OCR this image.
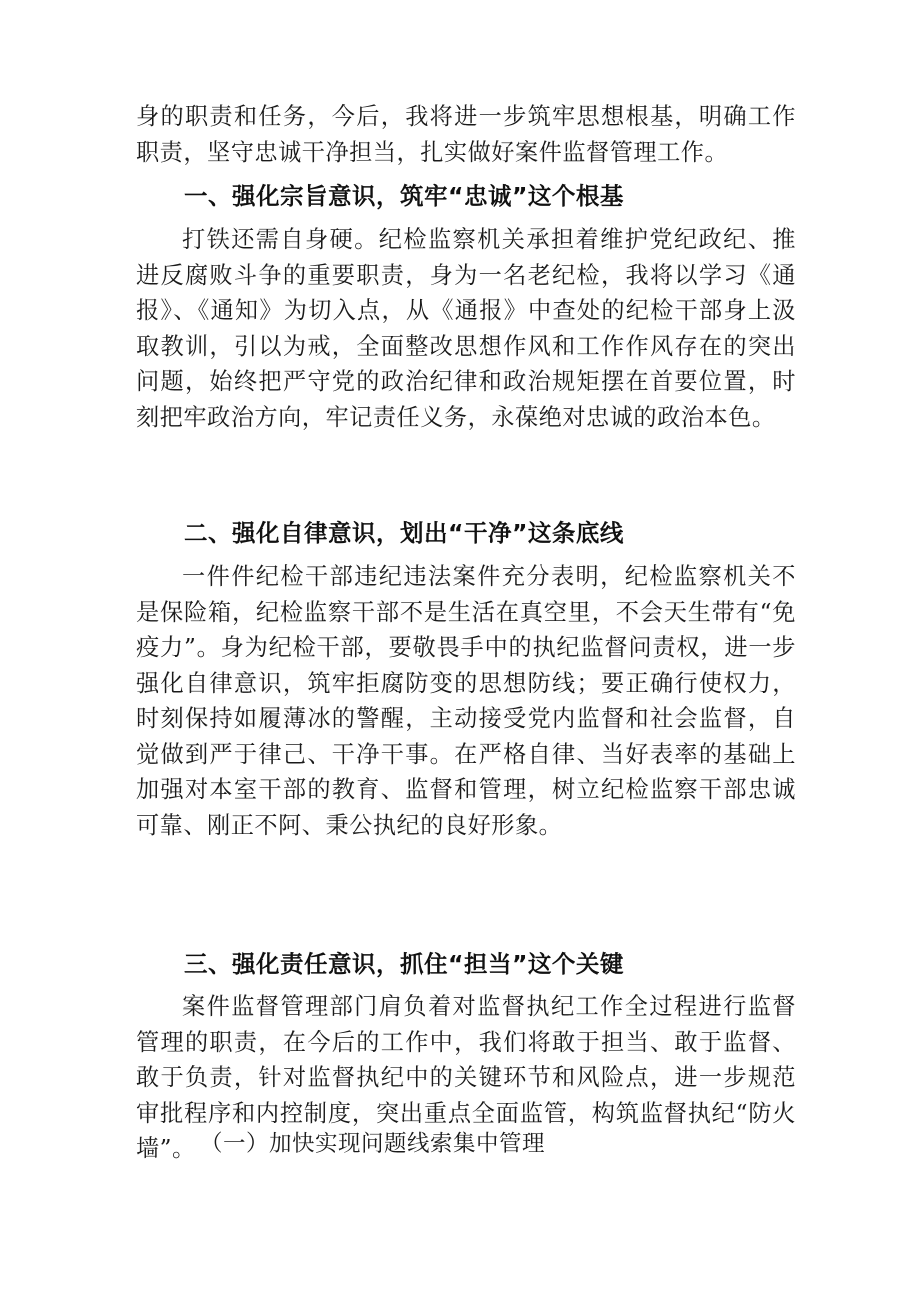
身的职责和任务，今后，我将进一步筑牢思想根基，明确工作职责，坚守忠诚干净担当，扎实做好案件监督管理工作。

一、强化宗旨意识，筑牢“忠诚”这个根基

打铁还需自身硬。纪检监察机关承担着维护党纪政纪、推进反腐败斗争的重要职责，身为一名老纪检，我将以学习《通报》、《通知》为切入点，从《通报》中查处的纪检干部身上汲取教训，引以为戒，全面整改思想作风和工作作风存在的突出问题，始终把严守党的政治纪律和政治规矩摆在首要位置，时刻把牢政治方向，牢记责任义务，永葆绝对忠诚的政治本色。

二、强化自律意识，划出“干净”这条底线

一件件纪检干部违纪违法案件充分表明，纪检监察机关不是保险箱，纪检监察干部不是生活在真空里，不会天生带有“免疫力”。身为纪检干部，要敬畏手中的执纪监督问责权，进一步强化自律意识，筑牢拒腐防变的思想防线；要正确行使权力，时刻保持如履薄冰的警醒，主动接受党内监督和社会监督，自觉做到严于律己、干净干事。在严格自律、当好表率的基础上加强对本室干部的教育、监督和管理，树立纪检监察干部忠诚可靠、刚正不阿、秉公执纪的良好形象。

三、强化责任意识，抓住“担当”这个关键

案件监督管理部门肩负着对监督执纪工作全过程进行监督管理的职责，在今后的工作中，我们将敢于担当、敢于监督、敢于负责，针对监督执纪中的关键环节和风险点，进一步规范审批程序和内控制度，突出重点全面监管，构筑监督执纪“防火墙”。 （一）加快实现问题线索集中管理
